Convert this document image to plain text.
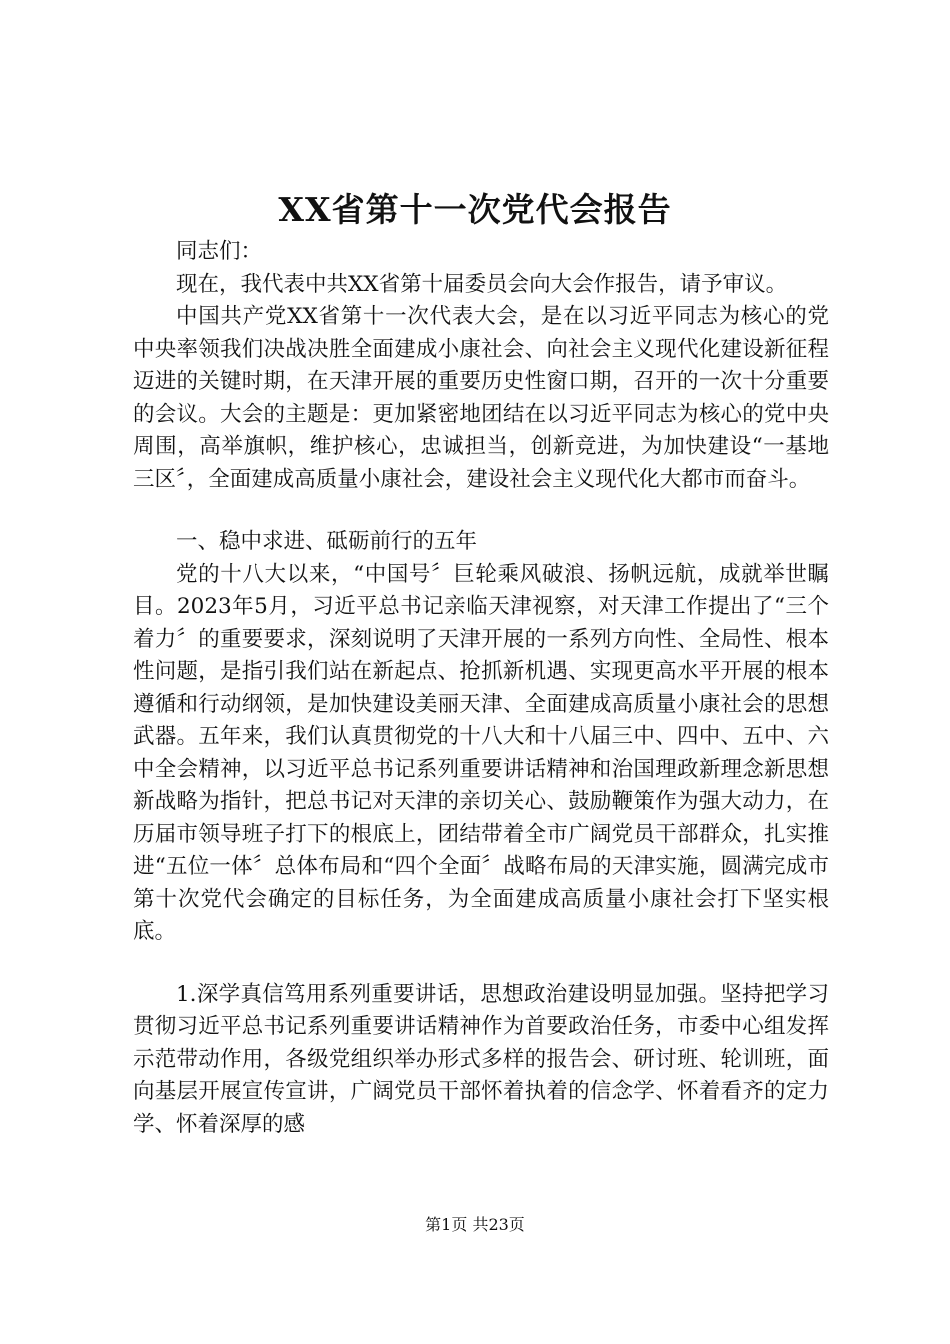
XX省第十一次党代会报告

同志们：

现在，我代表中共XX省第十届委员会向大会作报告，请予审议。

中国共产党XX省第十一次代表大会，是在以习近平同志为核心的党中央率领我们决战决胜全面建成小康社会、向社会主义现代化建设新征程迈进的关键时期，在天津开展的重要历史性窗口期，召开的一次十分重要的会议。大会的主题是：更加紧密地团结在以习近平同志为核心的党中央周围，高举旗帜，维护核心，忠诚担当，创新竞进，为加快建设“一基地三区〞，全面建成高质量小康社会，建设社会主义现代化大都市而奋斗。

一、稳中求进、砥砺前行的五年

党的十八大以来，“中国号〞巨轮乘风破浪、扬帆远航，成就举世瞩目。2023年5月，习近平总书记亲临天津视察，对天津工作提出了“三个着力〞的重要要求，深刻说明了天津开展的一系列方向性、全局性、根本性问题，是指引我们站在新起点、抢抓新机遇、实现更高水平开展的根本遵循和行动纲领，是加快建设美丽天津、全面建成高质量小康社会的思想武器。五年来，我们认真贯彻党的十八大和十八届三中、四中、五中、六中全会精神，以习近平总书记系列重要讲话精神和治国理政新理念新思想新战略为指针，把总书记对天津的亲切关心、鼓励鞭策作为强大动力，在历届市领导班子打下的根底上，团结带着全市广阔党员干部群众，扎实推进“五位一体〞总体布局和“四个全面〞战略布局的天津实施，圆满完成市第十次党代会确定的目标任务，为全面建成高质量小康社会打下坚实根底。

1.深学真信笃用系列重要讲话，思想政治建设明显加强。坚持把学习贯彻习近平总书记系列重要讲话精神作为首要政治任务，市委中心组发挥示范带动作用，各级党组织举办形式多样的报告会、研讨班、轮训班，面向基层开展宣传宣讲，广阔党员干部怀着执着的信念学、怀着看齐的定力学、怀着深厚的感

第1页 共23页
